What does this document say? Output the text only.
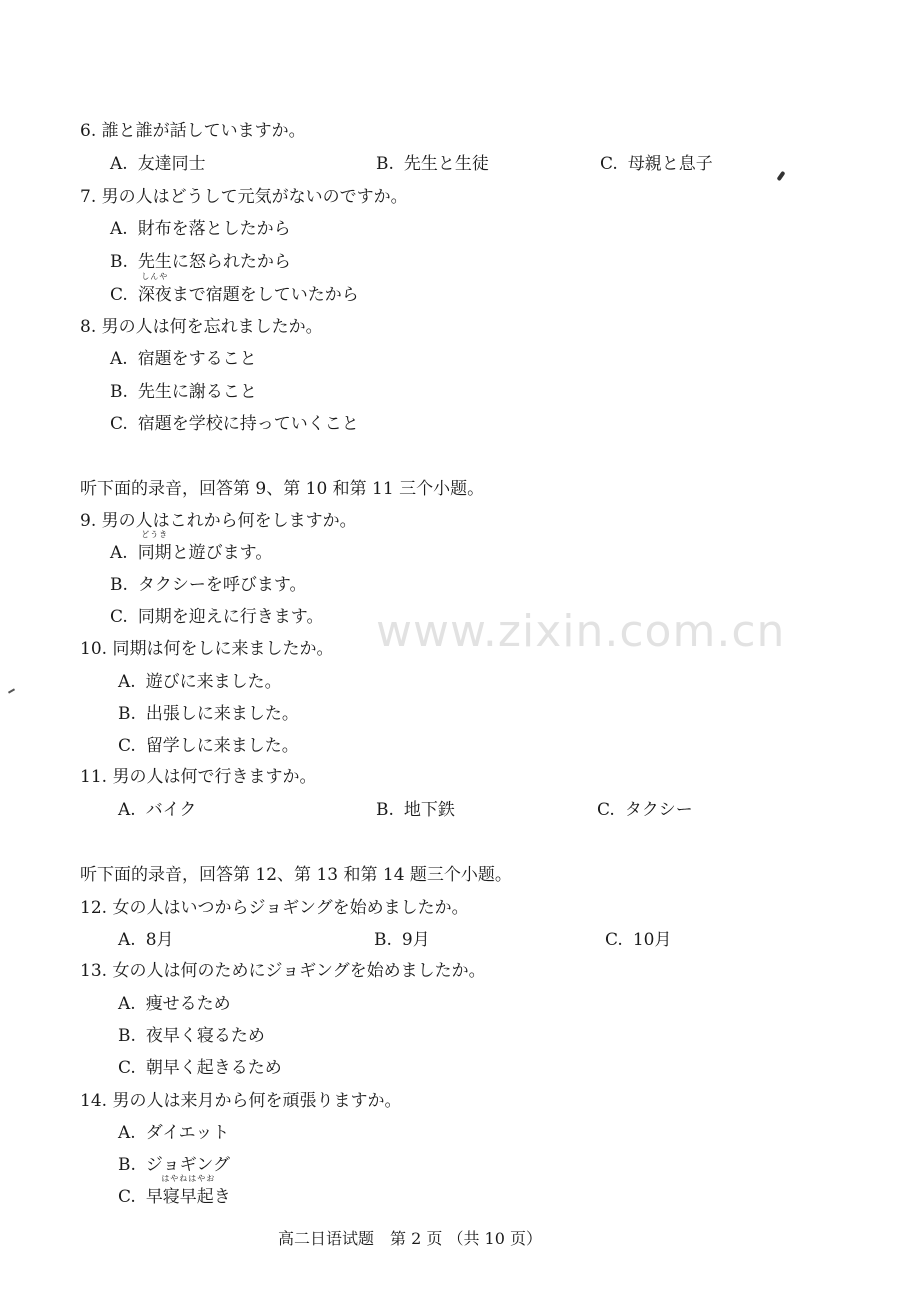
6. 誰と誰が話していますか。
A. 友達同士	B. 先生と生徒	C. 母親と息子
7. 男の人はどうして元気がないのですか。
A. 財布を落としたから
B. 先生に怒られたから
C.
しんや
深夜まで宿題をしていたから
8. 男の人は何を忘れましたか。
A. 宿題をすること
B. 先生に謝ること
C. 宿題を学校に持っていくこと
听下面的录音，回答第 9、第 10 和第 11 三个小题。
9. 男の人はこれから何をしますか。
A.
どうき
同期と遊びます。
B. タクシーを呼びます。
C. 同期を迎えに行きます。
10. 同期は何をしに来ましたか。
A. 遊びに来ました。
B. 出張しに来ました。
C. 留学しに来ました。
11. 男の人は何で行きますか。
A. バイク	B. 地下鉄	C. タクシー
听下面的录音，回答第 12、第 13 和第 14 题三个小题。
12. 女の人はいつからジョギングを始めましたか。
A. 8月	B. 9月	C. 10月
13. 女の人は何のためにジョギングを始めましたか。
A. 痩せるため
B. 夜早く寝るため
C. 朝早く起きるため
14. 男の人は来月から何を頑張りますか。
A. ダイエット
B. ジョギング
C.
はやねはやお
早寝早起き
www.zixin.com.cn
高二日语试题　第 2 页 （共 10 页）
